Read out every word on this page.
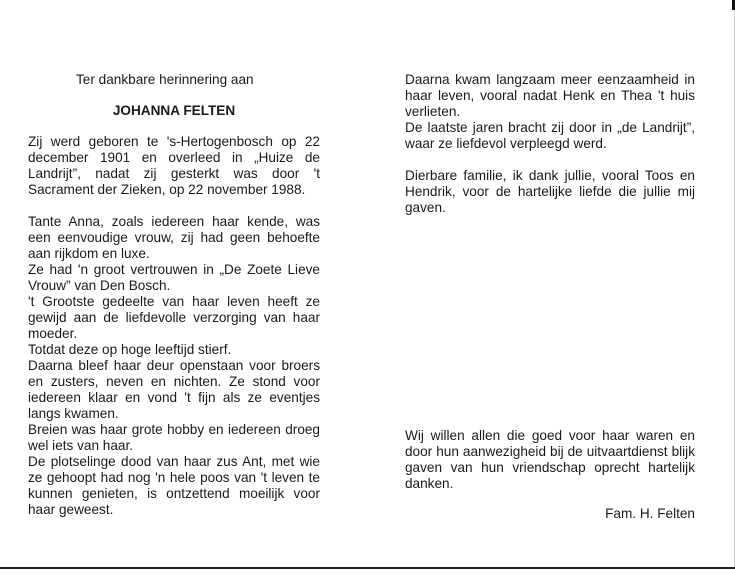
Ter dankbare herinnering aan

JOHANNA FELTEN

Zij werd geboren te 's-Hertogenbosch op 22 december 1901 en overleed in „Huize de Landrijt”, nadat zij gesterkt was door 't Sacrament der Zieken, op 22 november 1988.

Tante Anna, zoals iedereen haar kende, was een eenvoudige vrouw, zij had geen behoefte aan rijkdom en luxe.

Ze had 'n groot vertrouwen in „De Zoete Lieve Vrouw” van Den Bosch.

't Grootste gedeelte van haar leven heeft ze gewijd aan de liefdevolle verzorging van haar moeder.

Totdat deze op hoge leeftijd stierf.

Daarna bleef haar deur openstaan voor broers en zusters, neven en nichten. Ze stond voor iedereen klaar en vond 't fijn als ze eventjes langs kwamen.

Breien was haar grote hobby en iedereen droeg wel iets van haar.

De plotselinge dood van haar zus Ant, met wie ze gehoopt had nog 'n hele poos van 't leven te kunnen genieten, is ontzettend moeilijk voor haar geweest.

Daarna kwam langzaam meer eenzaamheid in haar leven, vooral nadat Henk en Thea 't huis verlieten.

De laatste jaren bracht zij door in „de Landrijt”, waar ze liefdevol verpleegd werd.

Dierbare familie, ik dank jullie, vooral Toos en Hendrik, voor de hartelijke liefde die jullie mij gaven.

Wij willen allen die goed voor haar waren en door hun aanwezigheid bij de uitvaartdienst blijk gaven van hun vriendschap oprecht hartelijk danken.

Fam. H. Felten
